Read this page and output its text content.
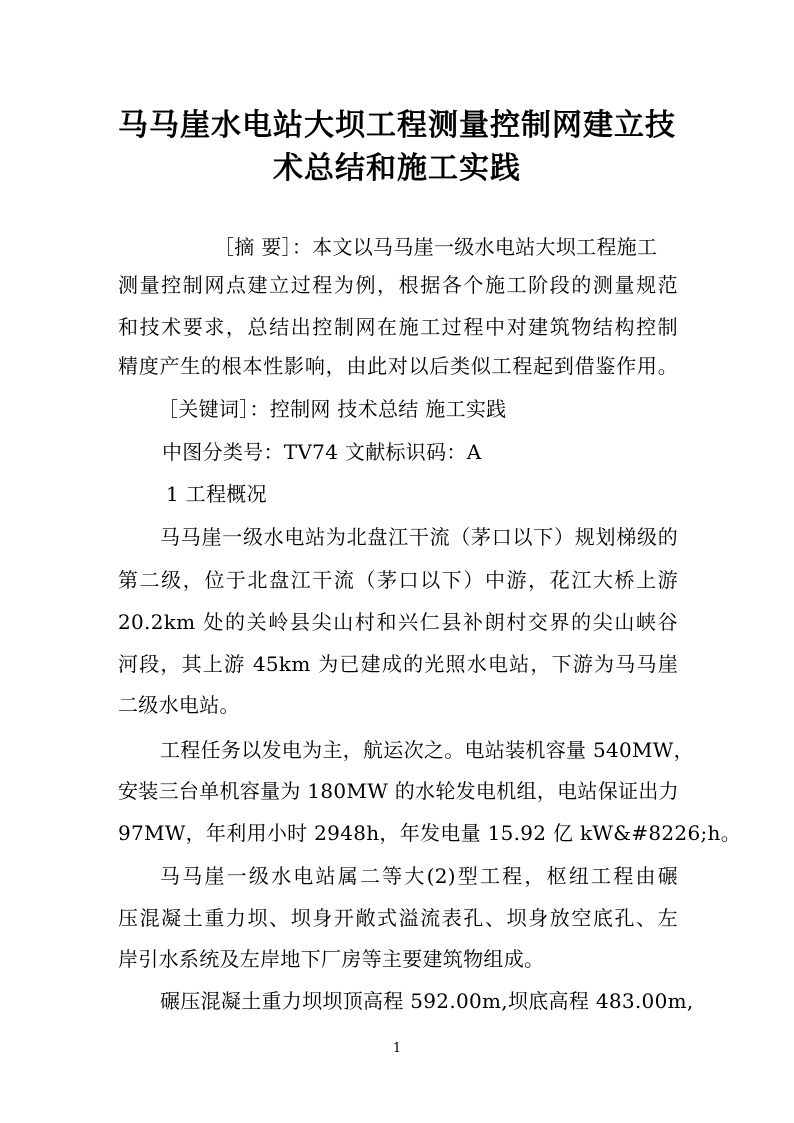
马马崖水电站大坝工程测量控制网建立技
术总结和施工实践
［摘 要］：本文以马马崖一级水电站大坝工程施工
测量控制网点建立过程为例，根据各个施工阶段的测量规范
和技术要求，总结出控制网在施工过程中对建筑物结构控制
精度产生的根本性影响，由此对以后类似工程起到借鉴作用。
［关键词］：控制网 技术总结 施工实践
中图分类号：TV74 文献标识码：A
1 工程概况
马马崖一级水电站为北盘江干流（茅口以下）规划梯级的
第二级，位于北盘江干流（茅口以下）中游，花江大桥上游
20.2km 处的关岭县尖山村和兴仁县补朗村交界的尖山峡谷
河段，其上游 45km 为已建成的光照水电站，下游为马马崖
二级水电站。
工程任务以发电为主，航运次之。电站装机容量 540MW，
安装三台单机容量为 180MW 的水轮发电机组，电站保证出力
97MW，年利用小时 2948h，年发电量 15.92 亿 kW&#8226;h。
马马崖一级水电站属二等大(2)型工程，枢纽工程由碾
压混凝土重力坝、坝身开敞式溢流表孔、坝身放空底孔、左
岸引水系统及左岸地下厂房等主要建筑物组成。
碾压混凝土重力坝坝顶高程 592.00m,坝底高程 483.00m,
1
